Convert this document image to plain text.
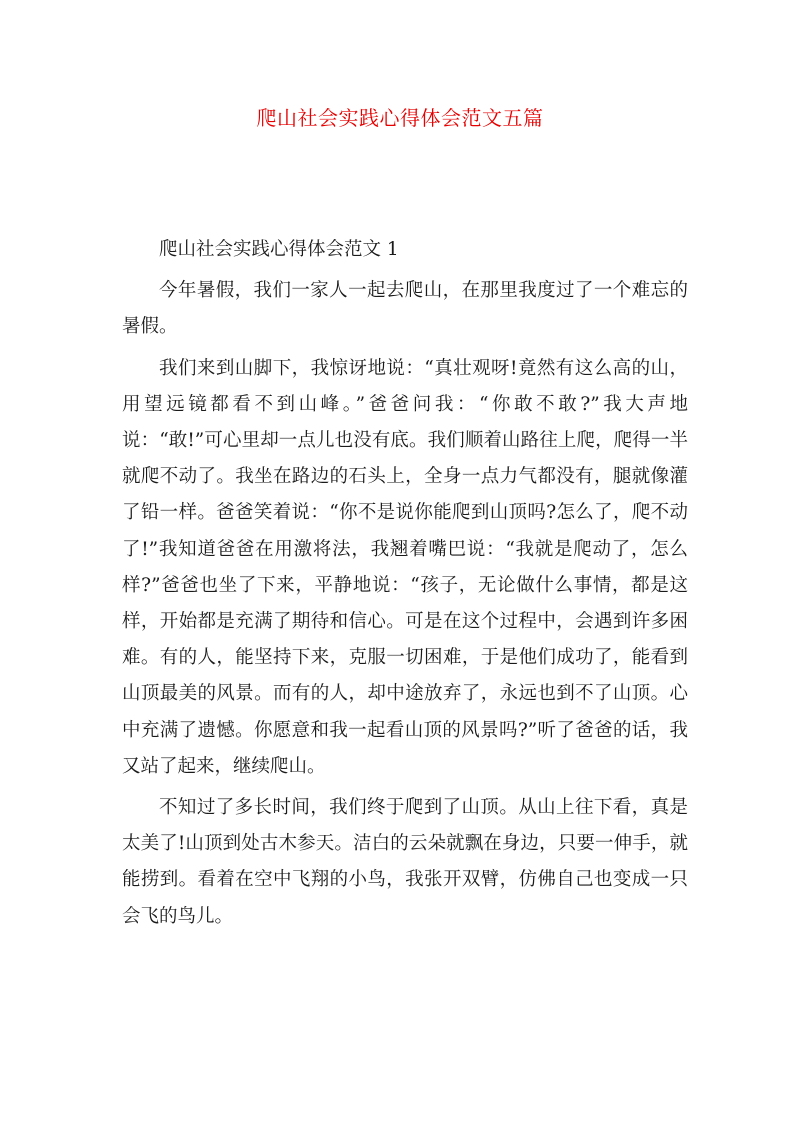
爬山社会实践心得体会范文五篇

爬山社会实践心得体会范文 1

今年暑假，我们一家人一起去爬山，在那里我度过了一个难忘的暑假。

我们来到山脚下，我惊讶地说：“真壮观呀!竟然有这么高的山，用望远镜都看不到山峰。”爸爸问我：“你敢不敢?”我大声地说：“敢!”可心里却一点儿也没有底。我们顺着山路往上爬，爬得一半就爬不动了。我坐在路边的石头上，全身一点力气都没有，腿就像灌了铅一样。爸爸笑着说：“你不是说你能爬到山顶吗?怎么了，爬不动了!”我知道爸爸在用激将法，我翘着嘴巴说：“我就是爬动了，怎么样?”爸爸也坐了下来，平静地说：“孩子，无论做什么事情，都是这样，开始都是充满了期待和信心。可是在这个过程中，会遇到许多困难。有的人，能坚持下来，克服一切困难，于是他们成功了，能看到山顶最美的风景。而有的人，却中途放弃了，永远也到不了山顶。心中充满了遗憾。你愿意和我一起看山顶的风景吗?”听了爸爸的话，我又站了起来，继续爬山。

不知过了多长时间，我们终于爬到了山顶。从山上往下看，真是太美了!山顶到处古木参天。洁白的云朵就飘在身边，只要一伸手，就能捞到。看着在空中飞翔的小鸟，我张开双臂，仿佛自己也变成一只会飞的鸟儿。
